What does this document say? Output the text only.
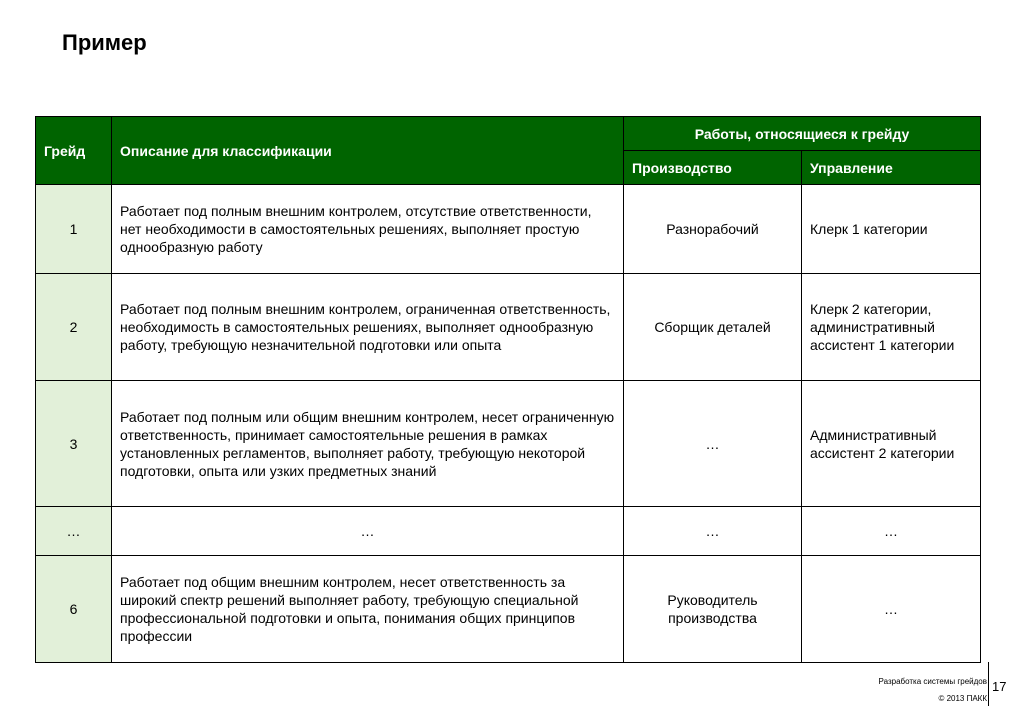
Пример
Грейд	Описание для классификации	Работы, относящиеся к грейду	
		Производство	Управление
1	Работает под полным внешним контролем, отсутствие ответственности, нет необходимости в самостоятельных решениях, выполняет простую однообразную работу	Разнорабочий	Клерк 1 категории
2	Работает под полным внешним контролем, ограниченная ответственность, необходимость в самостоятельных решениях, выполняет однообразную работу, требующую незначительной подготовки или опыта	Сборщик деталей	Клерк 2 категории, административный ассистент 1 категории
3	Работает под полным или общим внешним контролем, несет ограниченную ответственность, принимает самостоятельные решения в рамках установленных регламентов, выполняет работу, требующую некоторой подготовки, опыта или узких предметных знаний	…	Административный ассистент 2 категории
…	…	…	…
6	Работает под общим внешним контролем, несет ответственность за широкий спектр решений выполняет работу, требующую специальной профессиональной подготовки и опыта, понимания общих принципов профессии	Руководитель производства	…
Разработка системы грейдов
© 2013 ПАКК
17
